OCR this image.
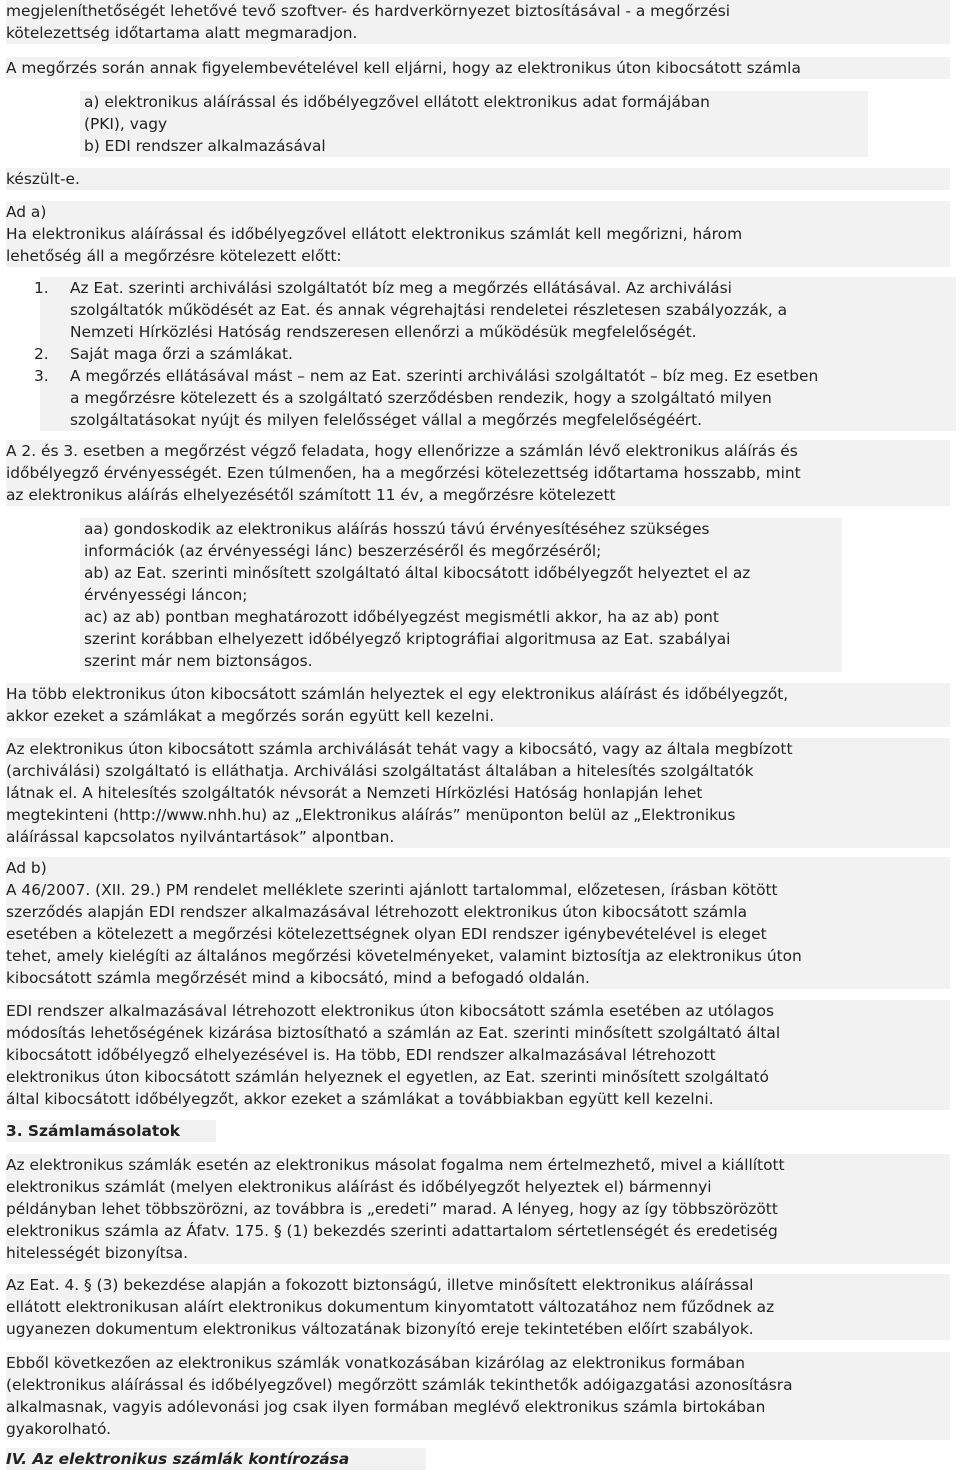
megjeleníthetőségét lehetővé tevő szoftver- és hardverkörnyezet biztosításával - a megőrzési
kötelezettség időtartama alatt megmaradjon.
A megőrzés során annak figyelembevételével kell eljárni, hogy az elektronikus úton kibocsátott számla
a) elektronikus aláírással és időbélyegzővel ellátott elektronikus adat formájában
(PKI), vagy
b) EDI rendszer alkalmazásával
készült-e.
Ad a)
Ha elektronikus aláírással és időbélyegzővel ellátott elektronikus számlát kell megőrizni, három
lehetőség áll a megőrzésre kötelezett előtt:
1.	Az Eat. szerinti archiválási szolgáltatót bíz meg a megőrzés ellátásával. Az archiválási
szolgáltatók működését az Eat. és annak végrehajtási rendeletei részletesen szabályozzák, a
Nemzeti Hírközlési Hatóság rendszeresen ellenőrzi a működésük megfelelőségét.
2.	Saját maga őrzi a számlákat.
3.	A megőrzés ellátásával mást – nem az Eat. szerinti archiválási szolgáltatót – bíz meg. Ez esetben
a megőrzésre kötelezett és a szolgáltató szerződésben rendezik, hogy a szolgáltató milyen
szolgáltatásokat nyújt és milyen felelősséget vállal a megőrzés megfelelőségéért.
A 2. és 3. esetben a megőrzést végző feladata, hogy ellenőrizze a számlán lévő elektronikus aláírás és
időbélyegző érvényességét. Ezen túlmenően, ha a megőrzési kötelezettség időtartama hosszabb, mint
az elektronikus aláírás elhelyezésétől számított 11 év, a megőrzésre kötelezett
aa) gondoskodik az elektronikus aláírás hosszú távú érvényesítéséhez szükséges
információk (az érvényességi lánc) beszerzéséről és megőrzéséről;
ab) az Eat. szerinti minősített szolgáltató által kibocsátott időbélyegzőt helyeztet el az
érvényességi láncon;
ac) az ab) pontban meghatározott időbélyegzést megismétli akkor, ha az ab) pont
szerint korábban elhelyezett időbélyegző kriptográfiai algoritmusa az Eat. szabályai
szerint már nem biztonságos.
Ha több elektronikus úton kibocsátott számlán helyeztek el egy elektronikus aláírást és időbélyegzőt,
akkor ezeket a számlákat a megőrzés során együtt kell kezelni.
Az elektronikus úton kibocsátott számla archiválását tehát vagy a kibocsátó, vagy az általa megbízott
(archiválási) szolgáltató is elláthatja. Archiválási szolgáltatást általában a hitelesítés szolgáltatók
látnak el. A hitelesítés szolgáltatók névsorát a Nemzeti Hírközlési Hatóság honlapján lehet
megtekinteni (http://www.nhh.hu) az „Elektronikus aláírás” menüponton belül az „Elektronikus
aláírással kapcsolatos nyilvántartások” alpontban.
Ad b)
A 46/2007. (XII. 29.) PM rendelet melléklete szerinti ajánlott tartalommal, előzetesen, írásban kötött
szerződés alapján EDI rendszer alkalmazásával létrehozott elektronikus úton kibocsátott számla
esetében a kötelezett a megőrzési kötelezettségnek olyan EDI rendszer igénybevételével is eleget
tehet, amely kielégíti az általános megőrzési követelményeket, valamint biztosítja az elektronikus úton
kibocsátott számla megőrzését mind a kibocsátó, mind a befogadó oldalán.
EDI rendszer alkalmazásával létrehozott elektronikus úton kibocsátott számla esetében az utólagos
módosítás lehetőségének kizárása biztosítható a számlán az Eat. szerinti minősített szolgáltató által
kibocsátott időbélyegző elhelyezésével is. Ha több, EDI rendszer alkalmazásával létrehozott
elektronikus úton kibocsátott számlán helyeznek el egyetlen, az Eat. szerinti minősített szolgáltató
által kibocsátott időbélyegzőt, akkor ezeket a számlákat a továbbiakban együtt kell kezelni.
3. Számlamásolatok
Az elektronikus számlák esetén az elektronikus másolat fogalma nem értelmezhető, mivel a kiállított
elektronikus számlát (melyen elektronikus aláírást és időbélyegzőt helyeztek el) bármennyi
példányban lehet többszörözni, az továbbra is „eredeti” marad. A lényeg, hogy az így többszörözött
elektronikus számla az Áfatv. 175. § (1) bekezdés szerinti adattartalom sértetlenségét és eredetiség
hitelességét bizonyítsa.
Az Eat. 4. § (3) bekezdése alapján a fokozott biztonságú, illetve minősített elektronikus aláírással
ellátott elektronikusan aláírt elektronikus dokumentum kinyomtatott változatához nem fűződnek az
ugyanezen dokumentum elektronikus változatának bizonyító ereje tekintetében előírt szabályok.
Ebből következően az elektronikus számlák vonatkozásában kizárólag az elektronikus formában
(elektronikus aláírással és időbélyegzővel) megőrzött számlák tekinthetők adóigazgatási azonosításra
alkalmasnak, vagyis adólevonási jog csak ilyen formában meglévő elektronikus számla birtokában
gyakorolható.
IV. Az elektronikus számlák kontírozása
